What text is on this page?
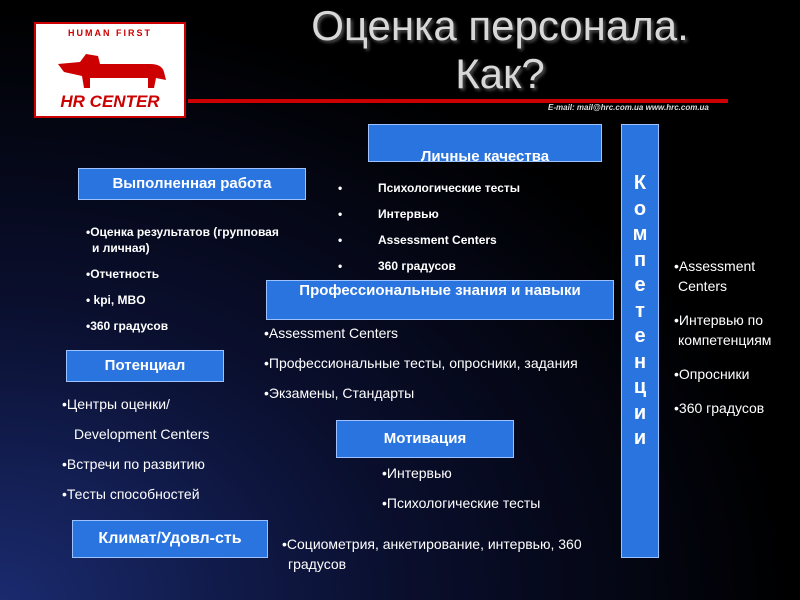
HUMAN FIRST
HR CENTER	E-mail: mail@hrc.com.ua www.hrc.com.ua
Оценка персонала.
Как?
Личные качества
•	Психологические тесты
•	Интервью
•	Assessment Centers
•	360 градусов
Выполненная работа
•Оценка результатов (групповая
и личная)
•Отчетность
• kpi, MBO
•360 градусов
Профессиональные знания и навыки
•Assessment Centers
•Профессиональные тесты, опросники, задания
•Экзамены, Стандарты
Потенциал
•Центры оценки/
Development Centers
•Встречи по развитию
•Тесты способностей
Мотивация
•Интервью
•Психологические тесты
Климат/Удовл-сть	•Социометрия, анкетирование, интервью, 360
градусов
К
о
м
п
е
т
е
н
ц
и
и
•Assessment
Centers
•Интервью по
компетенциям
•Опросники
•360 градусов
